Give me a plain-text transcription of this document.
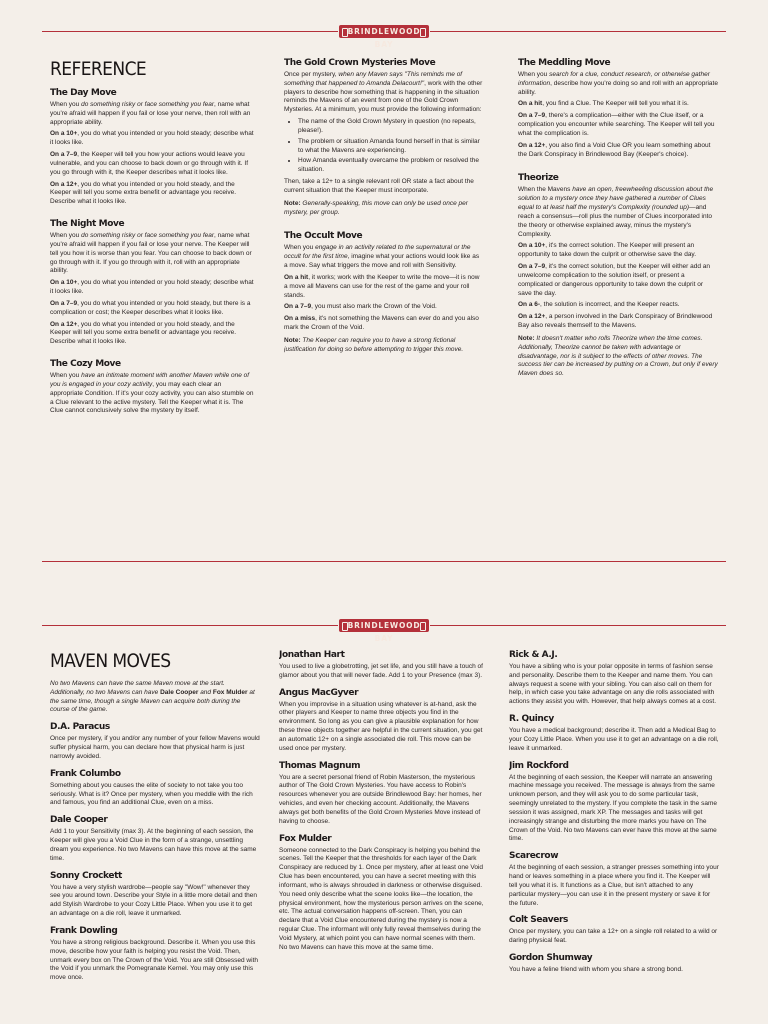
BRINDLEWOOD BAY
REFERENCE
The Day Move
When you do something risky or face something you fear, name what you're afraid will happen if you fail or lose your nerve, then roll with an appropriate ability.
On a 10+, you do what you intended or you hold steady; describe what it looks like.
On a 7–9, the Keeper will tell you how your actions would leave you vulnerable, and you can choose to back down or go through with it. If you go through with it, the Keeper describes what it looks like.
On a 12+, you do what you intended or you hold steady, and the Keeper will tell you some extra benefit or advantage you receive. Describe what it looks like.
The Night Move
When you do something risky or face something you fear, name what you're afraid will happen if you fail or lose your nerve. The Keeper will tell you how it is worse than you fear. You can choose to back down or go through with it. If you go through with it, roll with an appropriate ability.
On a 10+, you do what you intended or you hold steady; describe what it looks like.
On a 7–9, you do what you intended or you hold steady, but there is a complication or cost; the Keeper describes what it looks like.
On a 12+, you do what you intended or you hold steady, and the Keeper will tell you some extra benefit or advantage you receive. Describe what it looks like.
The Cozy Move
When you have an intimate moment with another Maven while one of you is engaged in your cozy activity, you may each clear an appropriate Condition. If it's your cozy activity, you can also stumble on a Clue relevant to the active mystery. Tell the Keeper what it is. The Clue cannot conclusively solve the mystery by itself.
The Gold Crown Mysteries Move
Once per mystery, when any Maven says "This reminds me of something that happened to Amanda Delacourt!", work with the other players to describe how something that is happening in the situation reminds the Mavens of an event from one of the Gold Crown Mysteries. At a minimum, you must provide the following information:
• The name of the Gold Crown Mystery in question (no repeats, please!).
• The problem or situation Amanda found herself in that is similar to what the Mavens are experiencing.
• How Amanda eventually overcame the problem or resolved the situation.
Then, take a 12+ to a single relevant roll OR state a fact about the current situation that the Keeper must incorporate.
Note: Generally-speaking, this move can only be used once per mystery, per group.
The Occult Move
When you engage in an activity related to the supernatural or the occult for the first time, imagine what your actions would look like as a move. Say what triggers the move and roll with Sensitivity.
On a hit, it works; work with the Keeper to write the move—it is now a move all Mavens can use for the rest of the game and your roll stands.
On a 7–9, you must also mark the Crown of the Void.
On a miss, it's not something the Mavens can ever do and you also mark the Crown of the Void.
Note: The Keeper can require you to have a strong fictional justification for doing so before attempting to trigger this move.
The Meddling Move
When you search for a clue, conduct research, or otherwise gather information, describe how you're doing so and roll with an appropriate ability.
On a hit, you find a Clue. The Keeper will tell you what it is.
On a 7–9, there's a complication—either with the Clue itself, or a complication you encounter while searching. The Keeper will tell you what the complication is.
On a 12+, you also find a Void Clue OR you learn something about the Dark Conspiracy in Brindlewood Bay (Keeper's choice).
Theorize
When the Mavens have an open, freewheeling discussion about the solution to a mystery once they have gathered a number of Clues equal to at least half the mystery's Complexity (rounded up)—and reach a consensus—roll plus the number of Clues incorporated into the theory or otherwise explained away, minus the mystery's Complexity.
On a 10+, it's the correct solution. The Keeper will present an opportunity to take down the culprit or otherwise save the day.
On a 7–9, it's the correct solution, but the Keeper will either add an unwelcome complication to the solution itself, or present a complicated or dangerous opportunity to take down the culprit or save the day.
On a 6-, the solution is incorrect, and the Keeper reacts.
On a 12+, a person involved in the Dark Conspiracy of Brindlewood Bay also reveals themself to the Mavens.
Note: It doesn't matter who rolls Theorize when the time comes. Additionally, Theorize cannot be taken with advantage or disadvantage, nor is it subject to the effects of other moves. The success tier can be increased by putting on a Crown, but only if every Maven does so.
BRINDLEWOOD BAY
MAVEN MOVES
No two Mavens can have the same Maven move at the start. Additionally, no two Mavens can have Dale Cooper and Fox Mulder at the same time, though a single Maven can acquire both during the course of the game.
D.A. Paracus
Once per mystery, if you and/or any number of your fellow Mavens would suffer physical harm, you can declare how that physical harm is just narrowly avoided.
Frank Columbo
Something about you causes the elite of society to not take you too seriously. What is it? Once per mystery, when you meddle with the rich and famous, you find an additional Clue, even on a miss.
Dale Cooper
Add 1 to your Sensitivity (max 3). At the beginning of each session, the Keeper will give you a Void Clue in the form of a strange, unsettling dream you experience. No two Mavens can have this move at the same time.
Sonny Crockett
You have a very stylish wardrobe—people say "Wow!" whenever they see you around town. Describe your Style in a little more detail and then add Stylish Wardrobe to your Cozy Little Place. When you use it to get an advantage on a die roll, leave it unmarked.
Frank Dowling
You have a strong religious background. Describe it. When you use this move, describe how your faith is helping you resist the Void. Then, unmark every box on The Crown of the Void. You are still Obsessed with the Void if you unmark the Pomegranate Kernel. You may only use this move once.
Jonathan Hart
You used to live a globetrotting, jet set life, and you still have a touch of glamor about you that will never fade. Add 1 to your Presence (max 3).
Angus MacGyver
When you improvise in a situation using whatever is at-hand, ask the other players and Keeper to name three objects you find in the environment. So long as you can give a plausible explanation for how these three objects together are helpful in the current situation, you get an automatic 12+ on a single associated die roll. This move can be used once per mystery.
Thomas Magnum
You are a secret personal friend of Robin Masterson, the mysterious author of The Gold Crown Mysteries. You have access to Robin's resources whenever you are outside Brindlewood Bay: her homes, her vehicles, and even her checking account. Additionally, the Mavens always get both benefits of the Gold Crown Mysteries Move instead of having to choose.
Fox Mulder
Someone connected to the Dark Conspiracy is helping you behind the scenes. Tell the Keeper that the thresholds for each layer of the Dark Conspiracy are reduced by 1. Once per mystery, after at least one Void Clue has been encountered, you can have a secret meeting with this informant, who is always shrouded in darkness or otherwise disguised. You need only describe what the scene looks like—the location, the physical environment, how the mysterious person arrives on the scene, etc. The actual conversation happens off-screen. Then, you can declare that a Void Clue encountered during the mystery is now a regular Clue. The informant will only fully reveal themselves during the Void Mystery, at which point you can have normal scenes with them. No two Mavens can have this move at the same time.
Rick & A.J.
You have a sibling who is your polar opposite in terms of fashion sense and personality. Describe them to the Keeper and name them. You can always request a scene with your sibling. You can also call on them for help, in which case you take advantage on any die rolls associated with actions they assist you with. However, that help always comes at a cost.
R. Quincy
You have a medical background; describe it. Then add a Medical Bag to your Cozy Little Place. When you use it to get an advantage on a die roll, leave it unmarked.
Jim Rockford
At the beginning of each session, the Keeper will narrate an answering machine message you received. The message is always from the same unknown person, and they will ask you to do some particular task, seemingly unrelated to the mystery. If you complete the task in the same session it was assigned, mark XP. The messages and tasks will get increasingly strange and disturbing the more marks you have on The Crown of the Void. No two Mavens can ever have this move at the same time.
Scarecrow
At the beginning of each session, a stranger presses something into your hand or leaves something in a place where you find it. The Keeper will tell you what it is. It functions as a Clue, but isn't attached to any particular mystery—you can use it in the present mystery or save it for the future.
Colt Seavers
Once per mystery, you can take a 12+ on a single roll related to a wild or daring physical feat.
Gordon Shumway
You have a feline friend with whom you share a strong bond.
